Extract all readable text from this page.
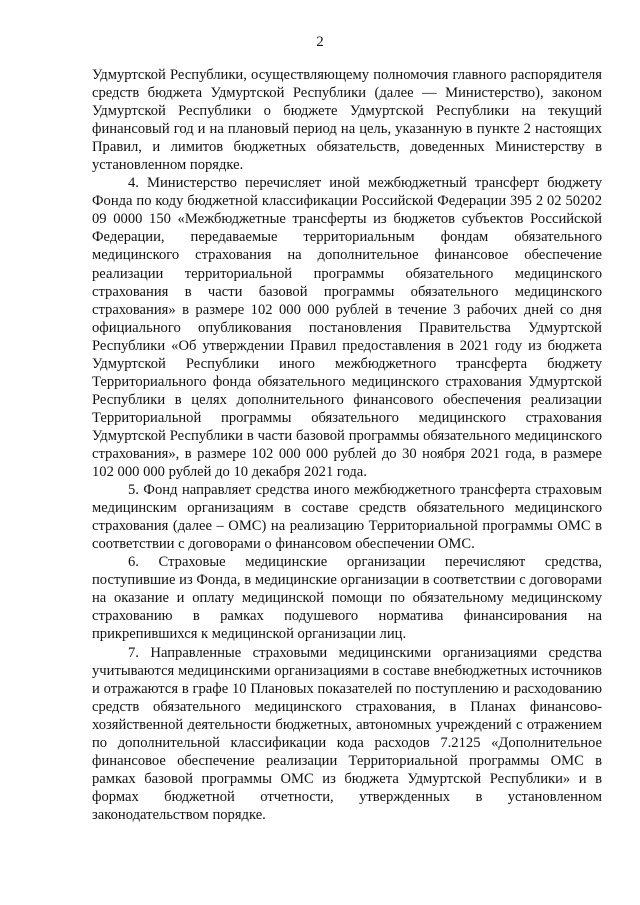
2

Удмуртской Республики, осуществляющему полномочия главного распорядителя средств бюджета Удмуртской Республики (далее — Министерство), законом Удмуртской Республики о бюджете Удмуртской Республики на текущий финансовый год и на плановый период на цель, указанную в пункте 2 настоящих Правил, и лимитов бюджетных обязательств, доведенных Министерству в установленном порядке.

4. Министерство перечисляет иной межбюджетный трансферт бюджету Фонда по коду бюджетной классификации Российской Федерации 395 2 02 50202 09 0000 150 «Межбюджетные трансферты из бюджетов субъектов Российской Федерации, передаваемые территориальным фондам обязательного медицинского страхования на дополнительное финансовое обеспечение реализации территориальной программы обязательного медицинского страхования в части базовой программы обязательного медицинского страхования» в размере 102 000 000 рублей в течение 3 рабочих дней со дня официального опубликования постановления Правительства Удмуртской Республики «Об утверждении Правил предоставления в 2021 году из бюджета Удмуртской Республики иного межбюджетного трансферта бюджету Территориального фонда обязательного медицинского страхования Удмуртской Республики в целях дополнительного финансового обеспечения реализации Территориальной программы обязательного медицинского страхования Удмуртской Республики в части базовой программы обязательного медицинского страхования», в размере 102 000 000 рублей до 30 ноября 2021 года, в размере 102 000 000 рублей до 10 декабря 2021 года.

5. Фонд направляет средства иного межбюджетного трансферта страховым медицинским организациям в составе средств обязательного медицинского страхования (далее – ОМС) на реализацию Территориальной программы ОМС в соответствии с договорами о финансовом обеспечении ОМС.

6. Страховые медицинские организации перечисляют средства, поступившие из Фонда, в медицинские организации в соответствии с договорами на оказание и оплату медицинской помощи по обязательному медицинскому страхованию в рамках подушевого норматива финансирования на прикрепившихся к медицинской организации лиц.

7. Направленные страховыми медицинскими организациями средства учитываются медицинскими организациями в составе внебюджетных источников и отражаются в графе 10 Плановых показателей по поступлению и расходованию средств обязательного медицинского страхования, в Планах финансово-хозяйственной деятельности бюджетных, автономных учреждений с отражением по дополнительной классификации кода расходов 7.2125 «Дополнительное финансовое обеспечение реализации Территориальной программы ОМС в рамках базовой программы ОМС из бюджета Удмуртской Республики» и в формах бюджетной отчетности, утвержденных в установленном законодательством порядке.
